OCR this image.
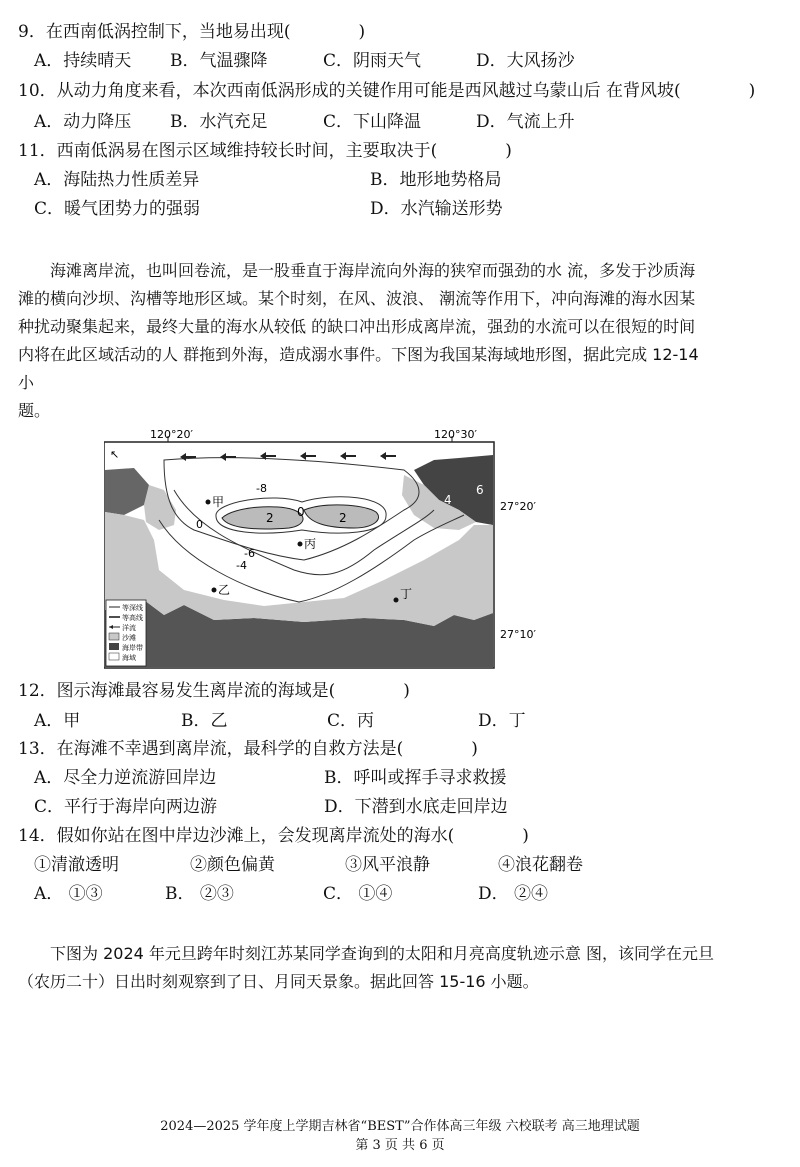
9．在西南低涡控制下，当地易出现(　　　　)
A．持续晴天 B．气温骤降	C．阴雨天气	D．大风扬沙
10．从动力角度来看，本次西南低涡形成的关键作用可能是西风越过乌蒙山后 在背风坡(　　　　)
A．动力降压 B．水汽充足	C．下山降温	D．气流上升
11．西南低涡易在图示区域维持较长时间，主要取决于(　　　　)
A．海陆热力性质差异	B．地形地势格局
C．暖气团势力的强弱	D．水汽输送形势
海滩离岸流，也叫回卷流，是一股垂直于海岸流向外海的狭窄而强劲的水 流，多发于沙质海
滩的横向沙坝、沟槽等地形区域。某个时刻，在风、波浪、 潮流等作用下，冲向海滩的海水因某
种扰动聚集起来，最终大量的海水从较低 的缺口冲出形成离岸流，强劲的水流可以在很短的时间
内将在此区域活动的人 群拖到外海，造成溺水事件。下图为我国某海域地形图，据此完成 12-14
小
题。
↖
-8
-6
-4
2 0	2
0
4
6
甲
丙
乙	丁
120°20′	120°30′
27°20′
27°10′
等深线
等高线
洋流
沙滩
海岸带
海域
12．图示海滩最容易发生离岸流的海域是(　　　　)
A．甲	B．乙	C．丙	D．丁
13．在海滩不幸遇到离岸流，最科学的自救方法是(　　　　)
A．尽全力逆流游回岸边	B．呼叫或挥手寻求救援
C．平行于海岸向两边游	D．下潜到水底走回岸边
14．假如你站在图中岸边沙滩上，会发现离岸流处的海水(　　　　)
①清澈透明	②颜色偏黄	③风平浪静	④浪花翻卷
A． ①③	B． ②③	C． ①④	D． ②④
下图为 2024 年元旦跨年时刻江苏某同学查询到的太阳和月亮高度轨迹示意 图，该同学在元旦
（农历二十）日出时刻观察到了日、月同天景象。据此回答 15-16 小题。
2024—2025 学年度上学期吉林省“BEST”合作体高三年级 六校联考 高三地理试题
第 3 页 共 6 页
